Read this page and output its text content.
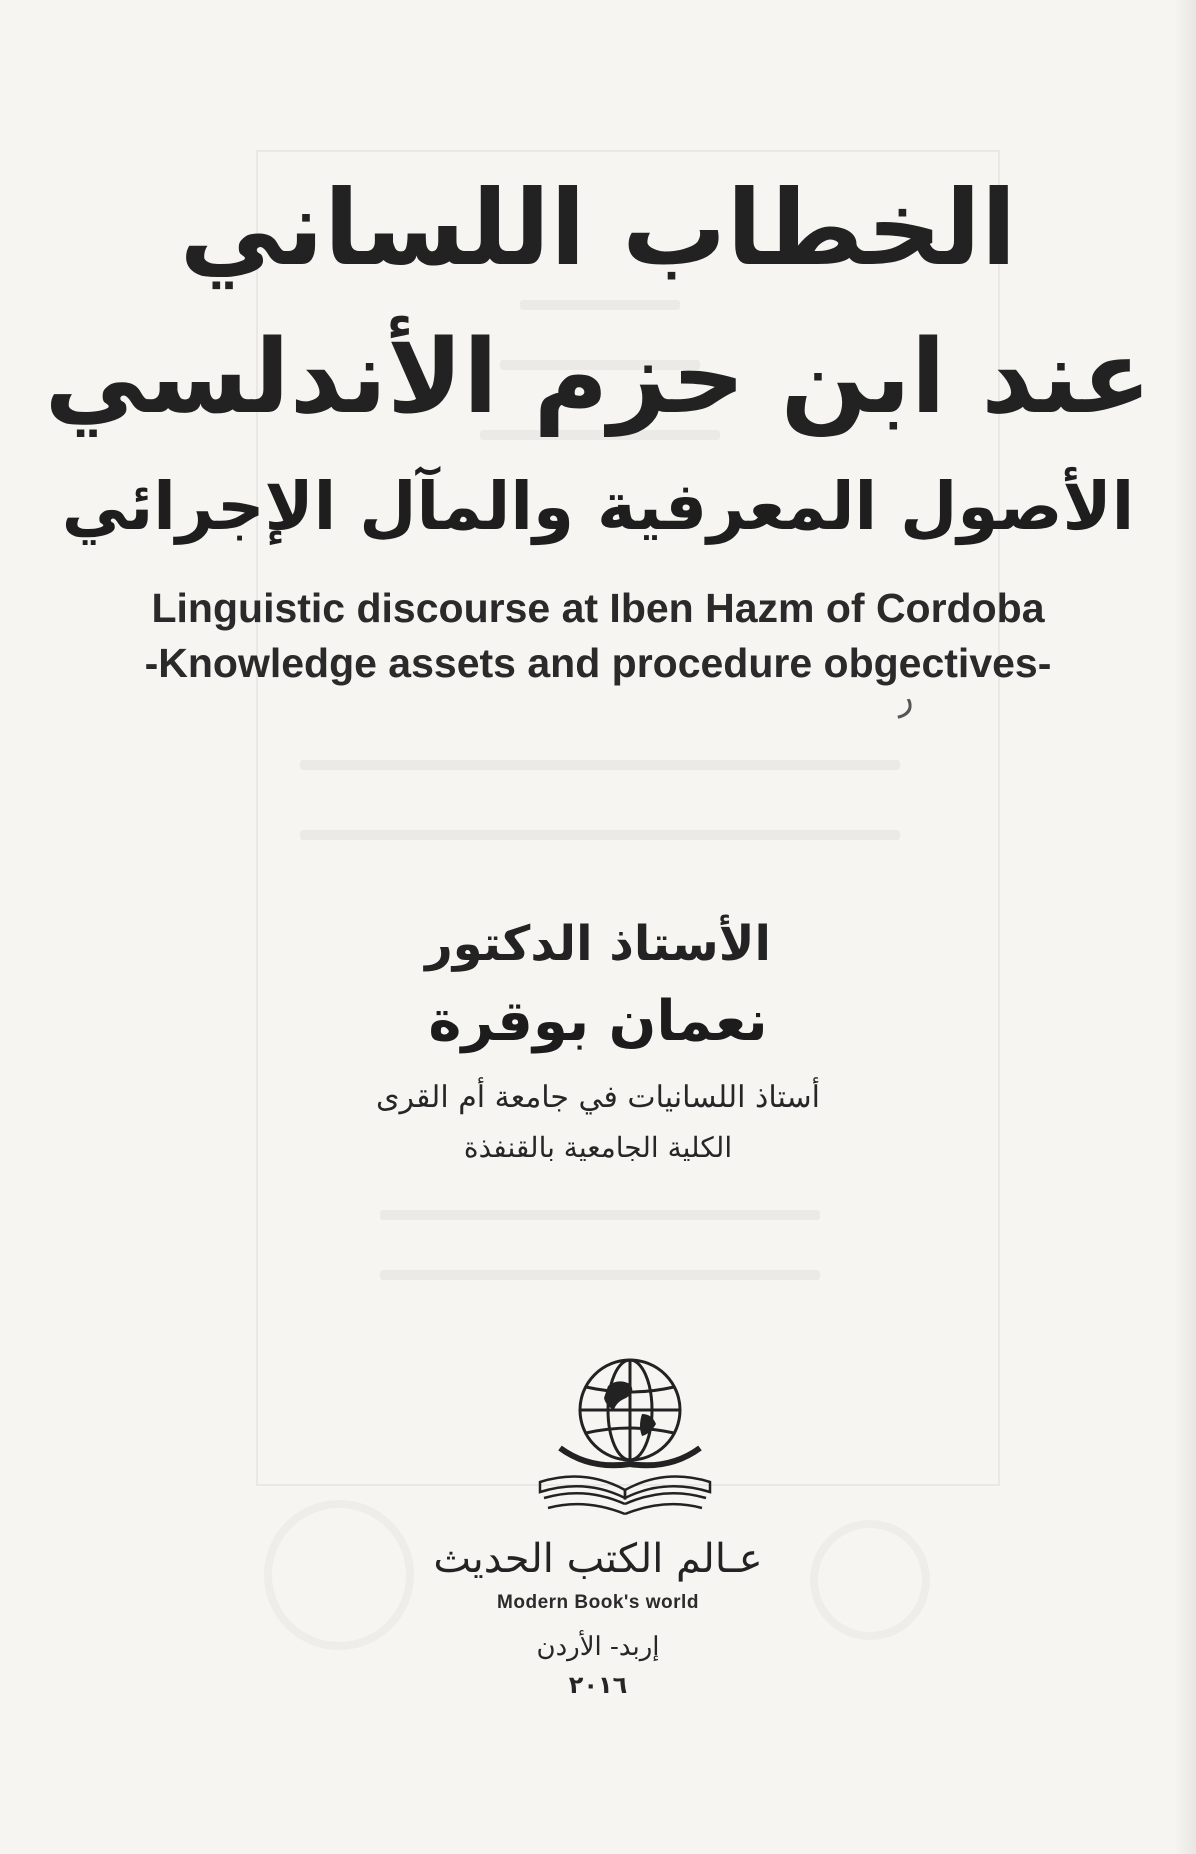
الخطاب اللساني
عند ابن حزم الأندلسي
الأصول المعرفية والمآل الإجرائي
Linguistic discourse at Iben Hazm of Cordoba
-Knowledge assets and procedure obgectives-
ر
الأستاذ الدكتور
نعمان بوقرة
أستاذ اللسانيات في جامعة أم القرى
الكلية الجامعية بالقنفذة
عـالم الكتب الحديث
Modern Book's world
إربد- الأردن
٢٠١٦
